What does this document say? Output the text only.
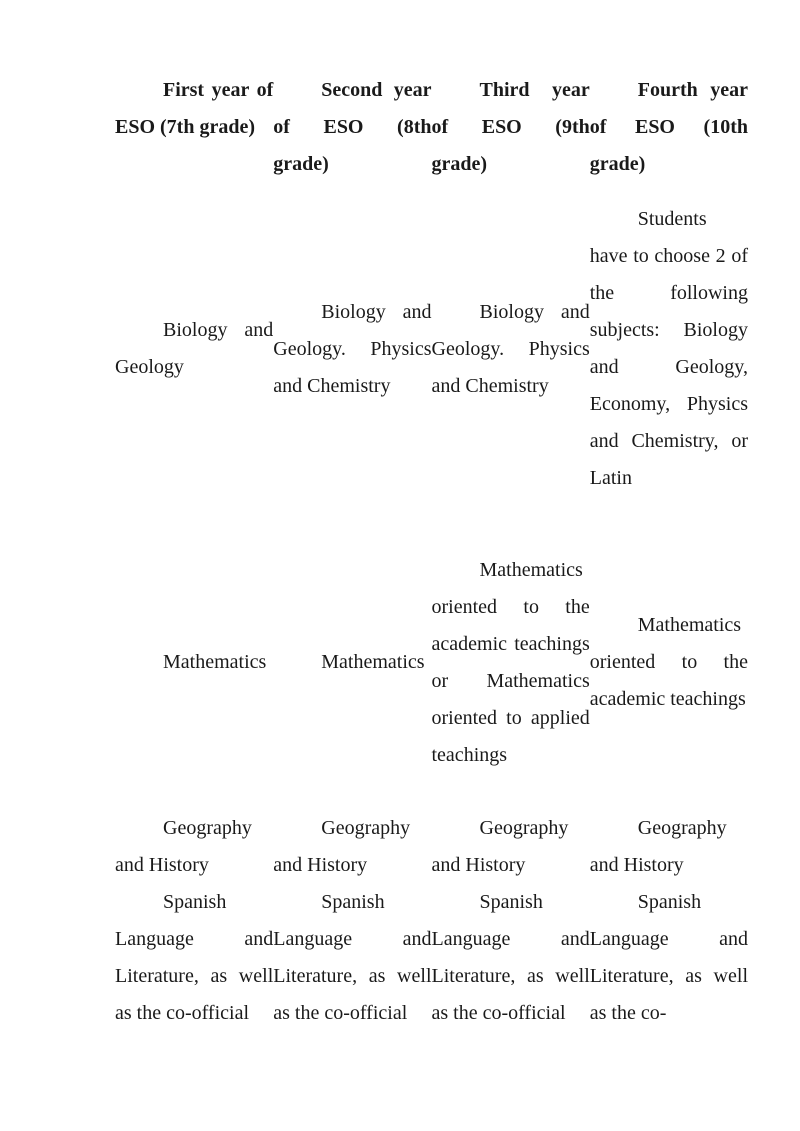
First year of ESO (7th grade)	Second year of ESO (8th grade)	Third year of ESO (9th grade)	Fourth year of ESO (10th grade)
Biology and Geology	Biology and Geology. Physics and Chemistry	Biology and Geology. Physics and Chemistry	Students have to choose 2 of the following subjects: Biology and Geology, Economy, Physics and Chemistry, or Latin
Mathematics	Mathematics	Mathematics oriented to the academic teachings or Mathematics oriented to applied teachings	Mathematics oriented to the academic teachings
Geography and History	Geography and History	Geography and History	Geography and History
Spanish Language and Literature, as well as the co-official	Spanish Language and Literature, as well as the co-official	Spanish Language and Literature, as well as the co-official	Spanish Language and Literature, as well as the co-
